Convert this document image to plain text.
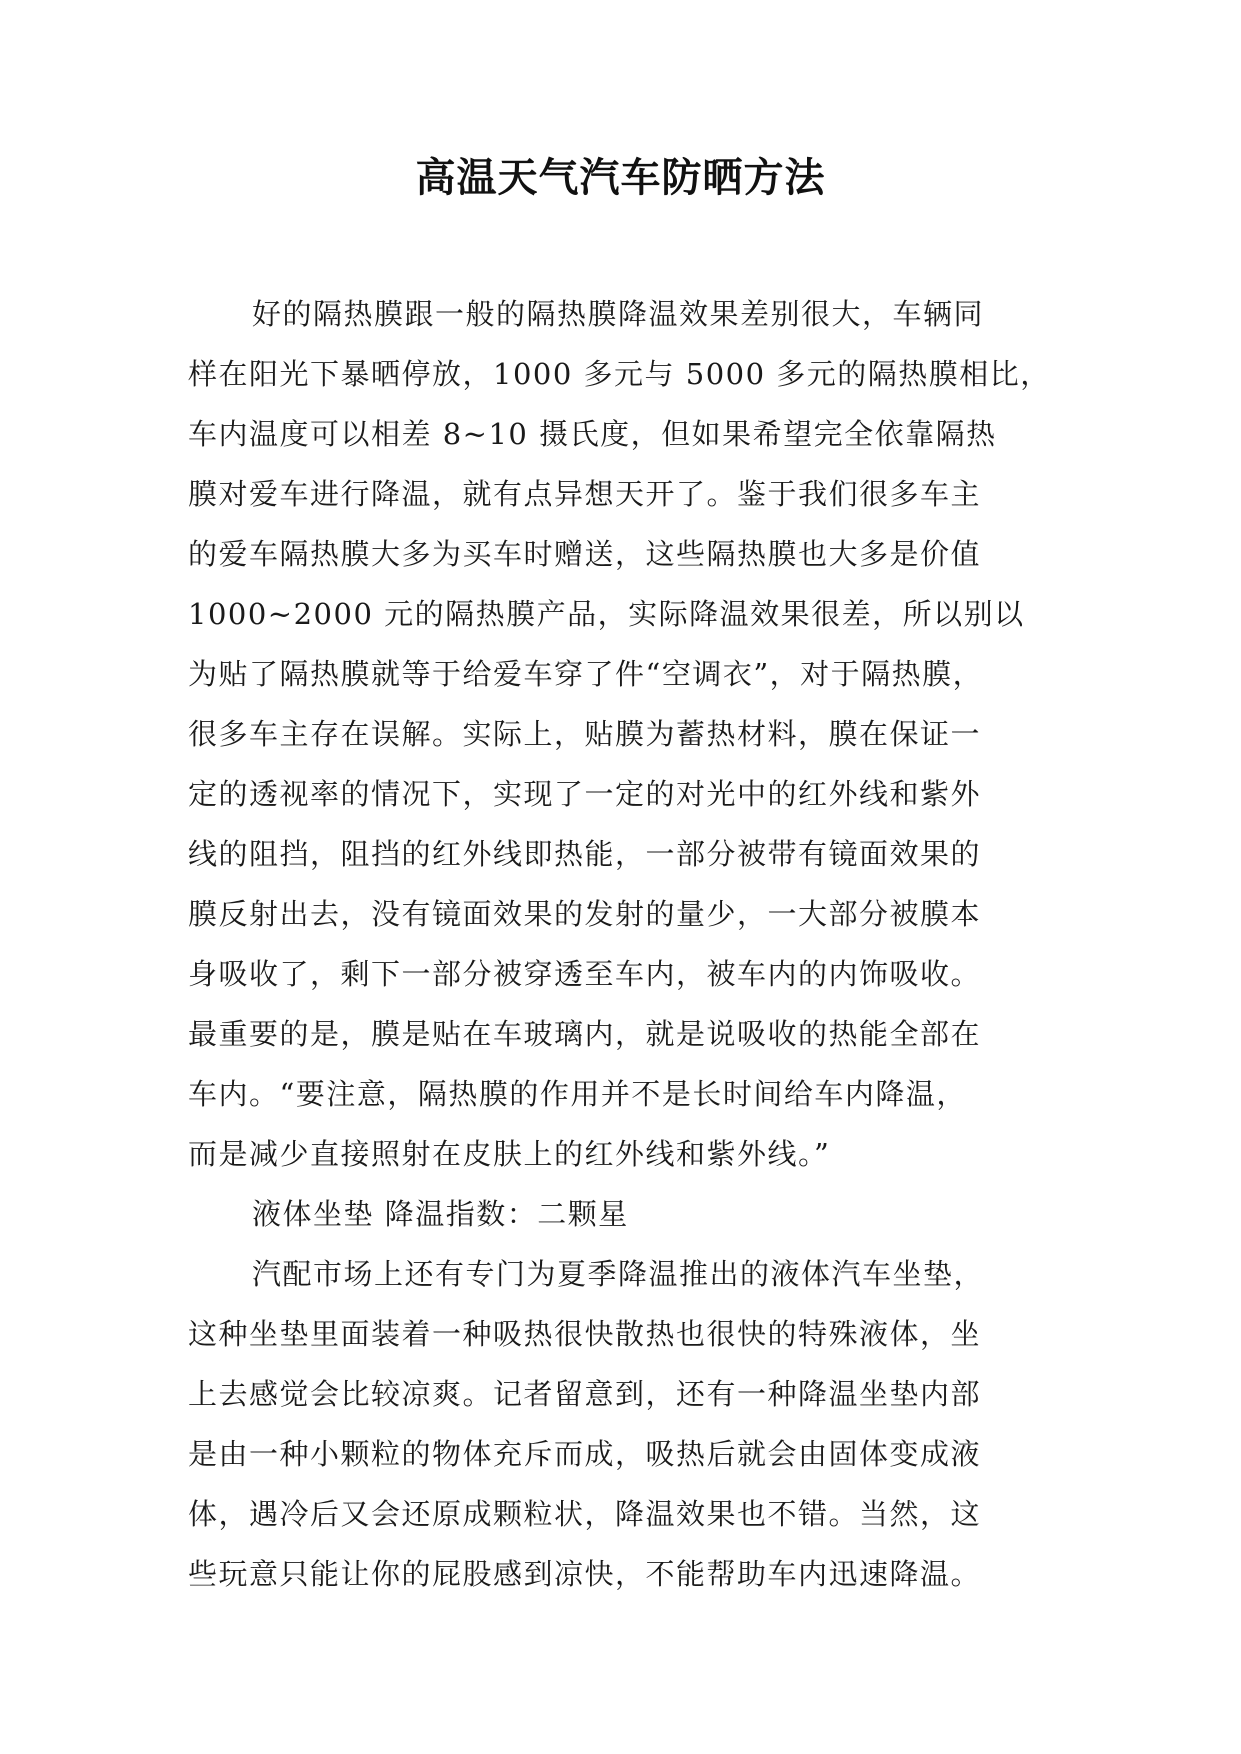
高温天气汽车防晒方法
好的隔热膜跟一般的隔热膜降温效果差别很大，车辆同
样在阳光下暴晒停放，1000 多元与 5000 多元的隔热膜相比，
车内温度可以相差 8~10 摄氏度，但如果希望完全依靠隔热
膜对爱车进行降温，就有点异想天开了。鉴于我们很多车主
的爱车隔热膜大多为买车时赠送，这些隔热膜也大多是价值
1000~2000 元的隔热膜产品，实际降温效果很差，所以别以
为贴了隔热膜就等于给爱车穿了件“空调衣”，对于隔热膜，
很多车主存在误解。实际上，贴膜为蓄热材料，膜在保证一
定的透视率的情况下，实现了一定的对光中的红外线和紫外
线的阻挡，阻挡的红外线即热能，一部分被带有镜面效果的
膜反射出去，没有镜面效果的发射的量少，一大部分被膜本
身吸收了，剩下一部分被穿透至车内，被车内的内饰吸收。
最重要的是，膜是贴在车玻璃内，就是说吸收的热能全部在
车内。“要注意，隔热膜的作用并不是长时间给车内降温，
而是减少直接照射在皮肤上的红外线和紫外线。”
液体坐垫 降温指数：二颗星
汽配市场上还有专门为夏季降温推出的液体汽车坐垫，
这种坐垫里面装着一种吸热很快散热也很快的特殊液体，坐
上去感觉会比较凉爽。记者留意到，还有一种降温坐垫内部
是由一种小颗粒的物体充斥而成，吸热后就会由固体变成液
体，遇冷后又会还原成颗粒状，降温效果也不错。当然，这
些玩意只能让你的屁股感到凉快，不能帮助车内迅速降温。
